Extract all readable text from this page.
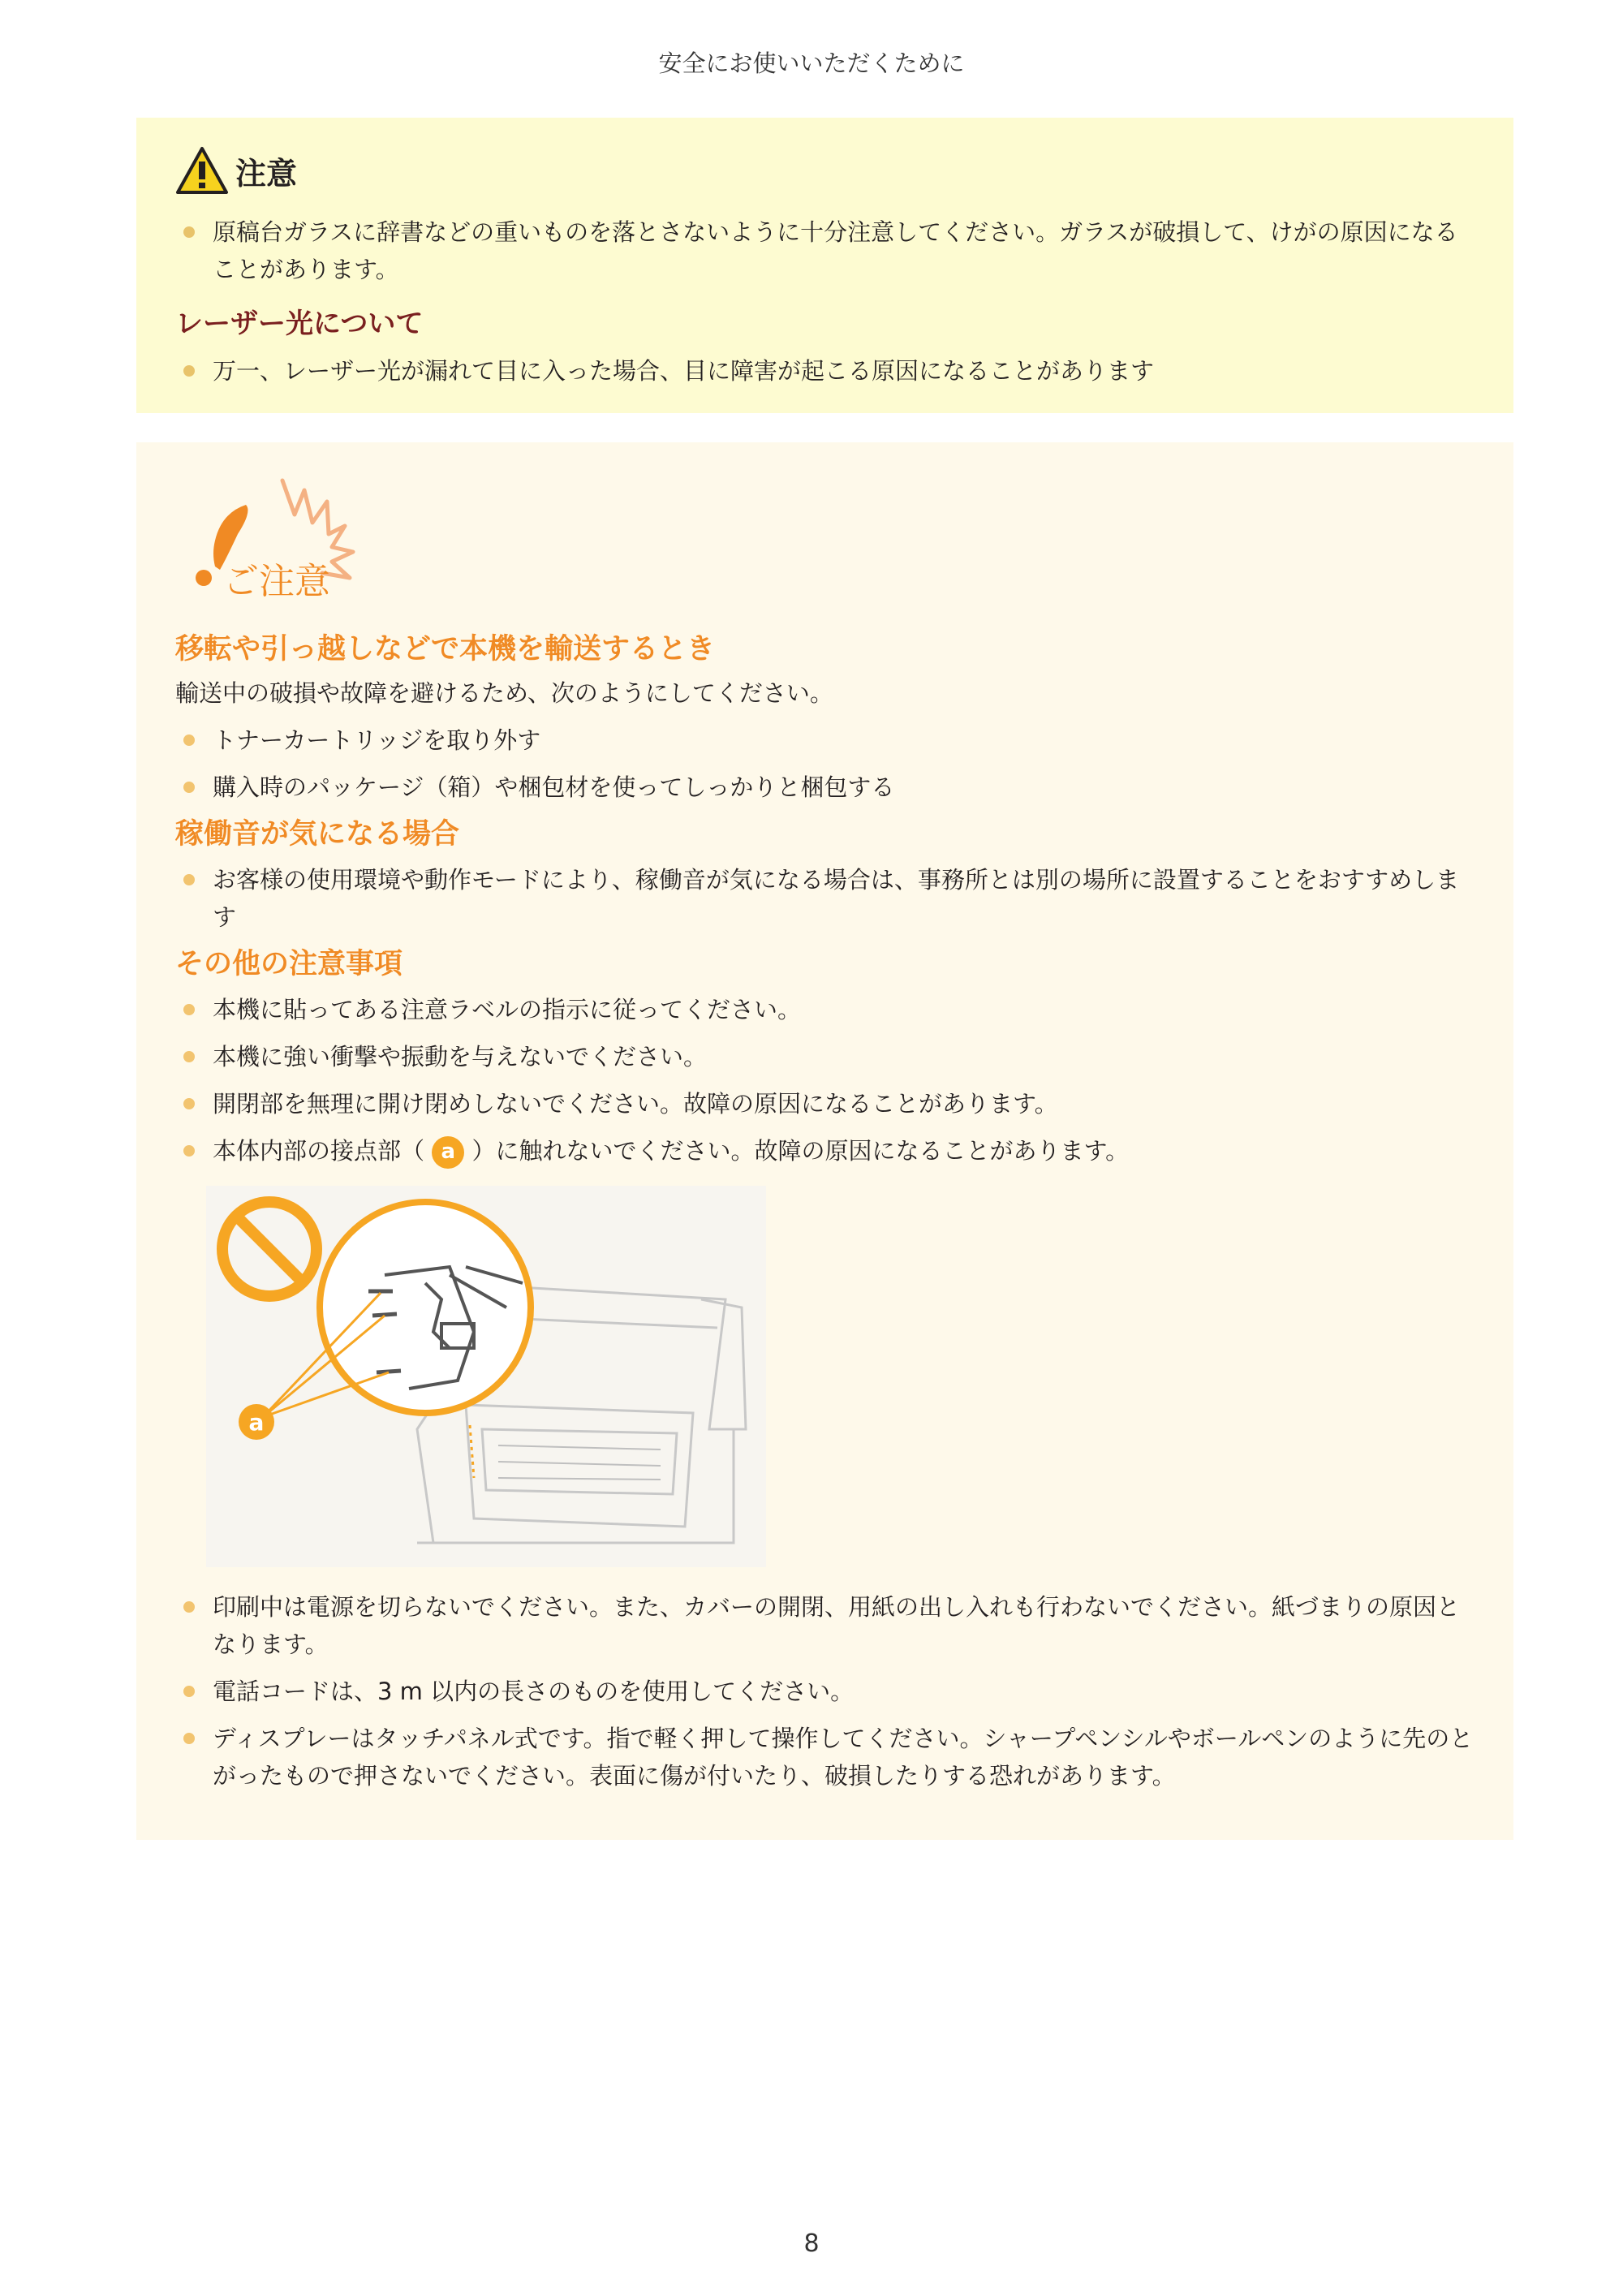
安全にお使いいただくために
注意
原稿台ガラスに辞書などの重いものを落とさないように十分注意してください。ガラスが破損して、けがの原因になることがあります。
レーザー光について
万一、レーザー光が漏れて目に入った場合、目に障害が起こる原因になることがあります
ご注意
移転や引っ越しなどで本機を輸送するとき

輸送中の破損や故障を避けるため、次のようにしてください。

トナーカートリッジを取り外す
購入時のパッケージ（箱）や梱包材を使ってしっかりと梱包する
稼働音が気になる場合
お客様の使用環境や動作モードにより、稼働音が気になる場合は、事務所とは別の場所に設置することをおすすめします
その他の注意事項
本機に貼ってある注意ラベルの指示に従ってください。
本機に強い衝撃や振動を与えないでください。
開閉部を無理に開け閉めしないでください。故障の原因になることがあります。
本体内部の接点部（ a ）に触れないでください。故障の原因になることがあります。
a
印刷中は電源を切らないでください。また、カバーの開閉、用紙の出し入れも行わないでください。紙づまりの原因となります。
電話コードは、3 m 以内の長さのものを使用してください。
ディスプレーはタッチパネル式です。指で軽く押して操作してください。シャープペンシルやボールペンのように先のとがったもので押さないでください。表面に傷が付いたり、破損したりする恐れがあります。
8
